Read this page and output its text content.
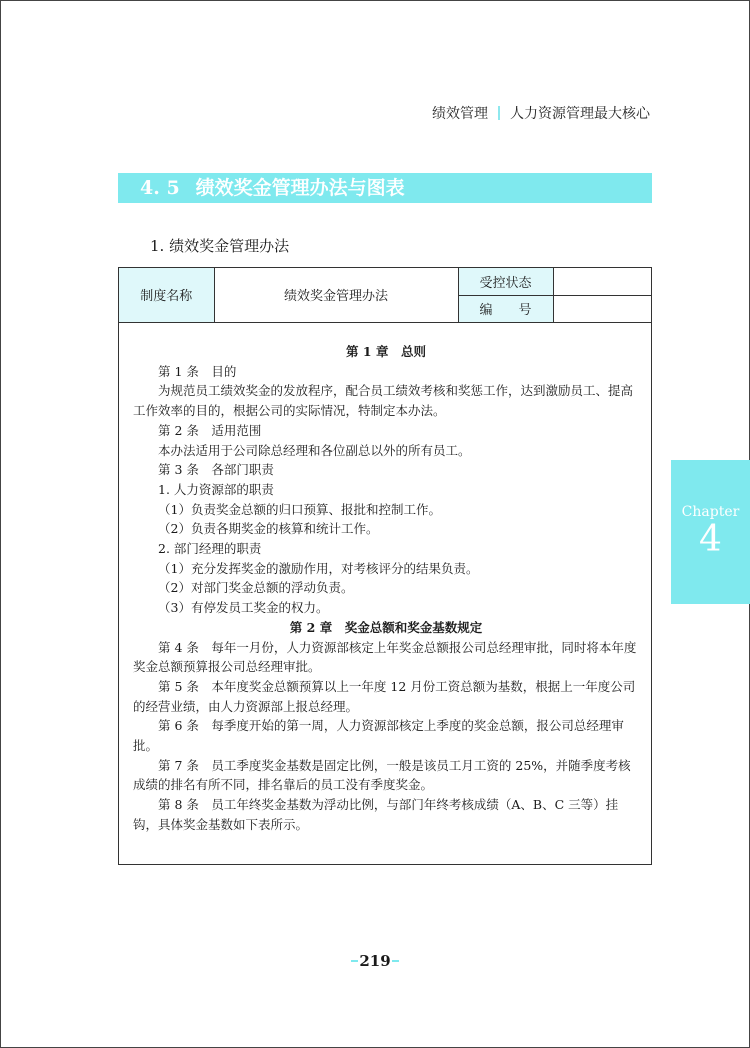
绩效管理 人力资源管理最大核心
4. 5 绩效奖金管理办法与图表
1. 绩效奖金管理办法
制度名称	绩效奖金管理办法	受控状态	
		编　　号	

第 1 章　总则

第 1 条　目的

为规范员工绩效奖金的发放程序，配合员工绩效考核和奖惩工作，达到激励员工、提高工作效率的目的，根据公司的实际情况，特制定本办法。

第 2 条　适用范围

本办法适用于公司除总经理和各位副总以外的所有员工。

第 3 条　各部门职责

1. 人力资源部的职责

（1）负责奖金总额的归口预算、报批和控制工作。

（2）负责各期奖金的核算和统计工作。

2. 部门经理的职责

（1）充分发挥奖金的激励作用，对考核评分的结果负责。

（2）对部门奖金总额的浮动负责。

（3）有停发员工奖金的权力。

第 2 章　奖金总额和奖金基数规定

第 4 条　每年一月份，人力资源部核定上年奖金总额报公司总经理审批，同时将本年度奖金总额预算报公司总经理审批。

第 5 条　本年度奖金总额预算以上一年度 12 月份工资总额为基数，根据上一年度公司的经营业绩，由人力资源部上报总经理。

第 6 条　每季度开始的第一周，人力资源部核定上季度的奖金总额，报公司总经理审批。

第 7 条　员工季度奖金基数是固定比例，一般是该员工月工资的 25%，并随季度考核成绩的排名有所不同，排名靠后的员工没有季度奖金。

第 8 条　员工年终奖金基数为浮动比例，与部门年终考核成绩（A、B、C 三等）挂钩，具体奖金基数如下表所示。

Chapter
4
219
